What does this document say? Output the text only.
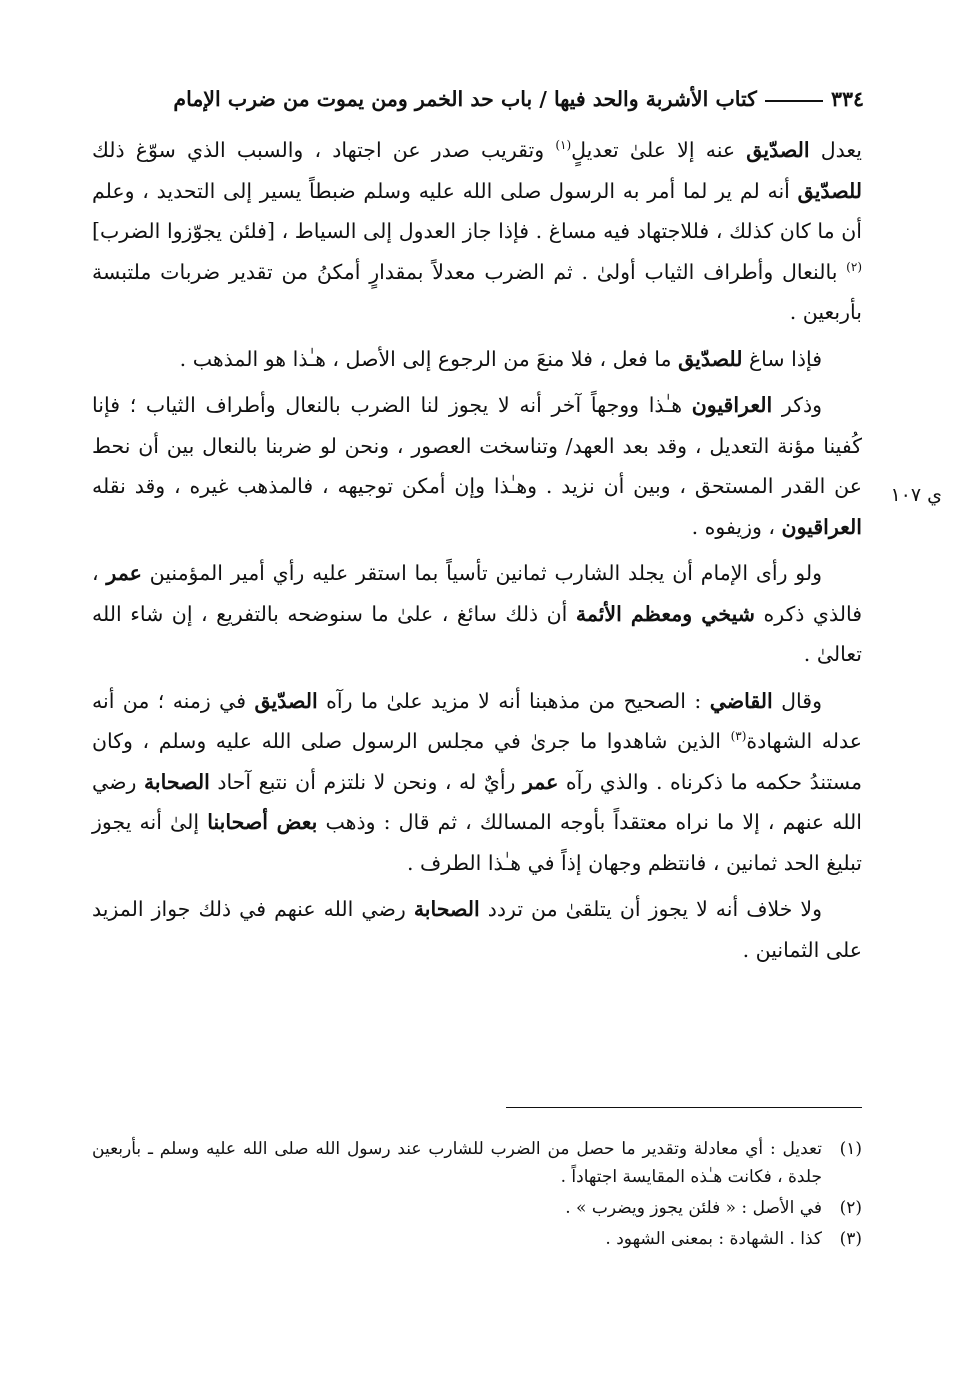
٣٣٤
كتاب الأشربة والحد فيها / باب حد الخمر ومن يموت من ضرب الإمام
ي ١٠٧

يعدل الصدّيق عنه إلا علىٰ تعديلٍ$^{(١)}$ وتقريب صدر عن اجتهاد ، والسبب الذي سوّغ ذلك للصدّيق أنه لم ير لما أمر به الرسول صلى الله عليه وسلم ضبطاً يسير إلى التحديد ، وعلم أن ما كان كذلك ، فللاجتهاد فيه مساغ . فإذا جاز العدول إلى السياط ، [فلئن يجوّزوا الضرب]$^{(٢)}$ بالنعال وأطراف الثياب أولىٰ . ثم الضرب معدلاً بمقدارٍ أمكنُ من تقدير ضربات ملتبسة بأربعين .

فإذا ساغ للصدّيق ما فعل ، فلا منعَ من الرجوع إلى الأصل ، هـٰذا هو المذهب .

وذكر العراقيون هـٰذا ووجهاً آخر أنه لا يجوز لنا الضرب بالنعال وأطراف الثياب ؛ فإنا كُفينا مؤنة التعديل ، وقد بعد العهد/ وتناسخت العصور ، ونحن لو ضربنا بالنعال بين أن نحط عن القدر المستحق ، وبين أن نزيد . وهـٰذا وإن أمكن توجيهه ، فالمذهب غيره ، وقد نقله العراقيون ، وزيفوه .

ولو رأى الإمام أن يجلد الشارب ثمانين تأسياً بما استقر عليه رأي أمير المؤمنين عمر ، فالذي ذكره شيخي ومعظم الأئمة أن ذلك سائغ ، علىٰ ما سنوضحه بالتفريع ، إن شاء الله تعالىٰ .

وقال القاضي : الصحيح من مذهبنا أنه لا مزيد علىٰ ما رآه الصدّيق في زمنه ؛ من أنه عدله الشهادة$^{(٣)}$ الذين شاهدوا ما جرىٰ في مجلس الرسول صلى الله عليه وسلم ، وكان مستندُ حكمه ما ذكرناه . والذي رآه عمر رأيٌ له ، ونحن لا نلتزم أن نتبع آحاد الصحابة رضي الله عنهم ، إلا ما نراه معتقداً بأوجه المسالك ، ثم قال : وذهب بعض أصحابنا إلىٰ أنه يجوز تبليغ الحد ثمانين ، فانتظم وجهان إذاً في هـٰذا الطرف .

ولا خلاف أنه لا يجوز أن يتلقىٰ من تردد الصحابة رضي الله عنهم في ذلك جواز المزيد على الثمانين .

(١)
تعديل : أي معادلة وتقدير ما حصل من الضرب للشارب عند رسول الله صلى الله عليه وسلم ـ بأربعين جلدة ، فكانت هـٰذه المقايسة اجتهاداً .
(٢)
في الأصل : « فلئن يجوز ويضرب » .
(٣)
كذا . الشهادة : بمعنى الشهود .
